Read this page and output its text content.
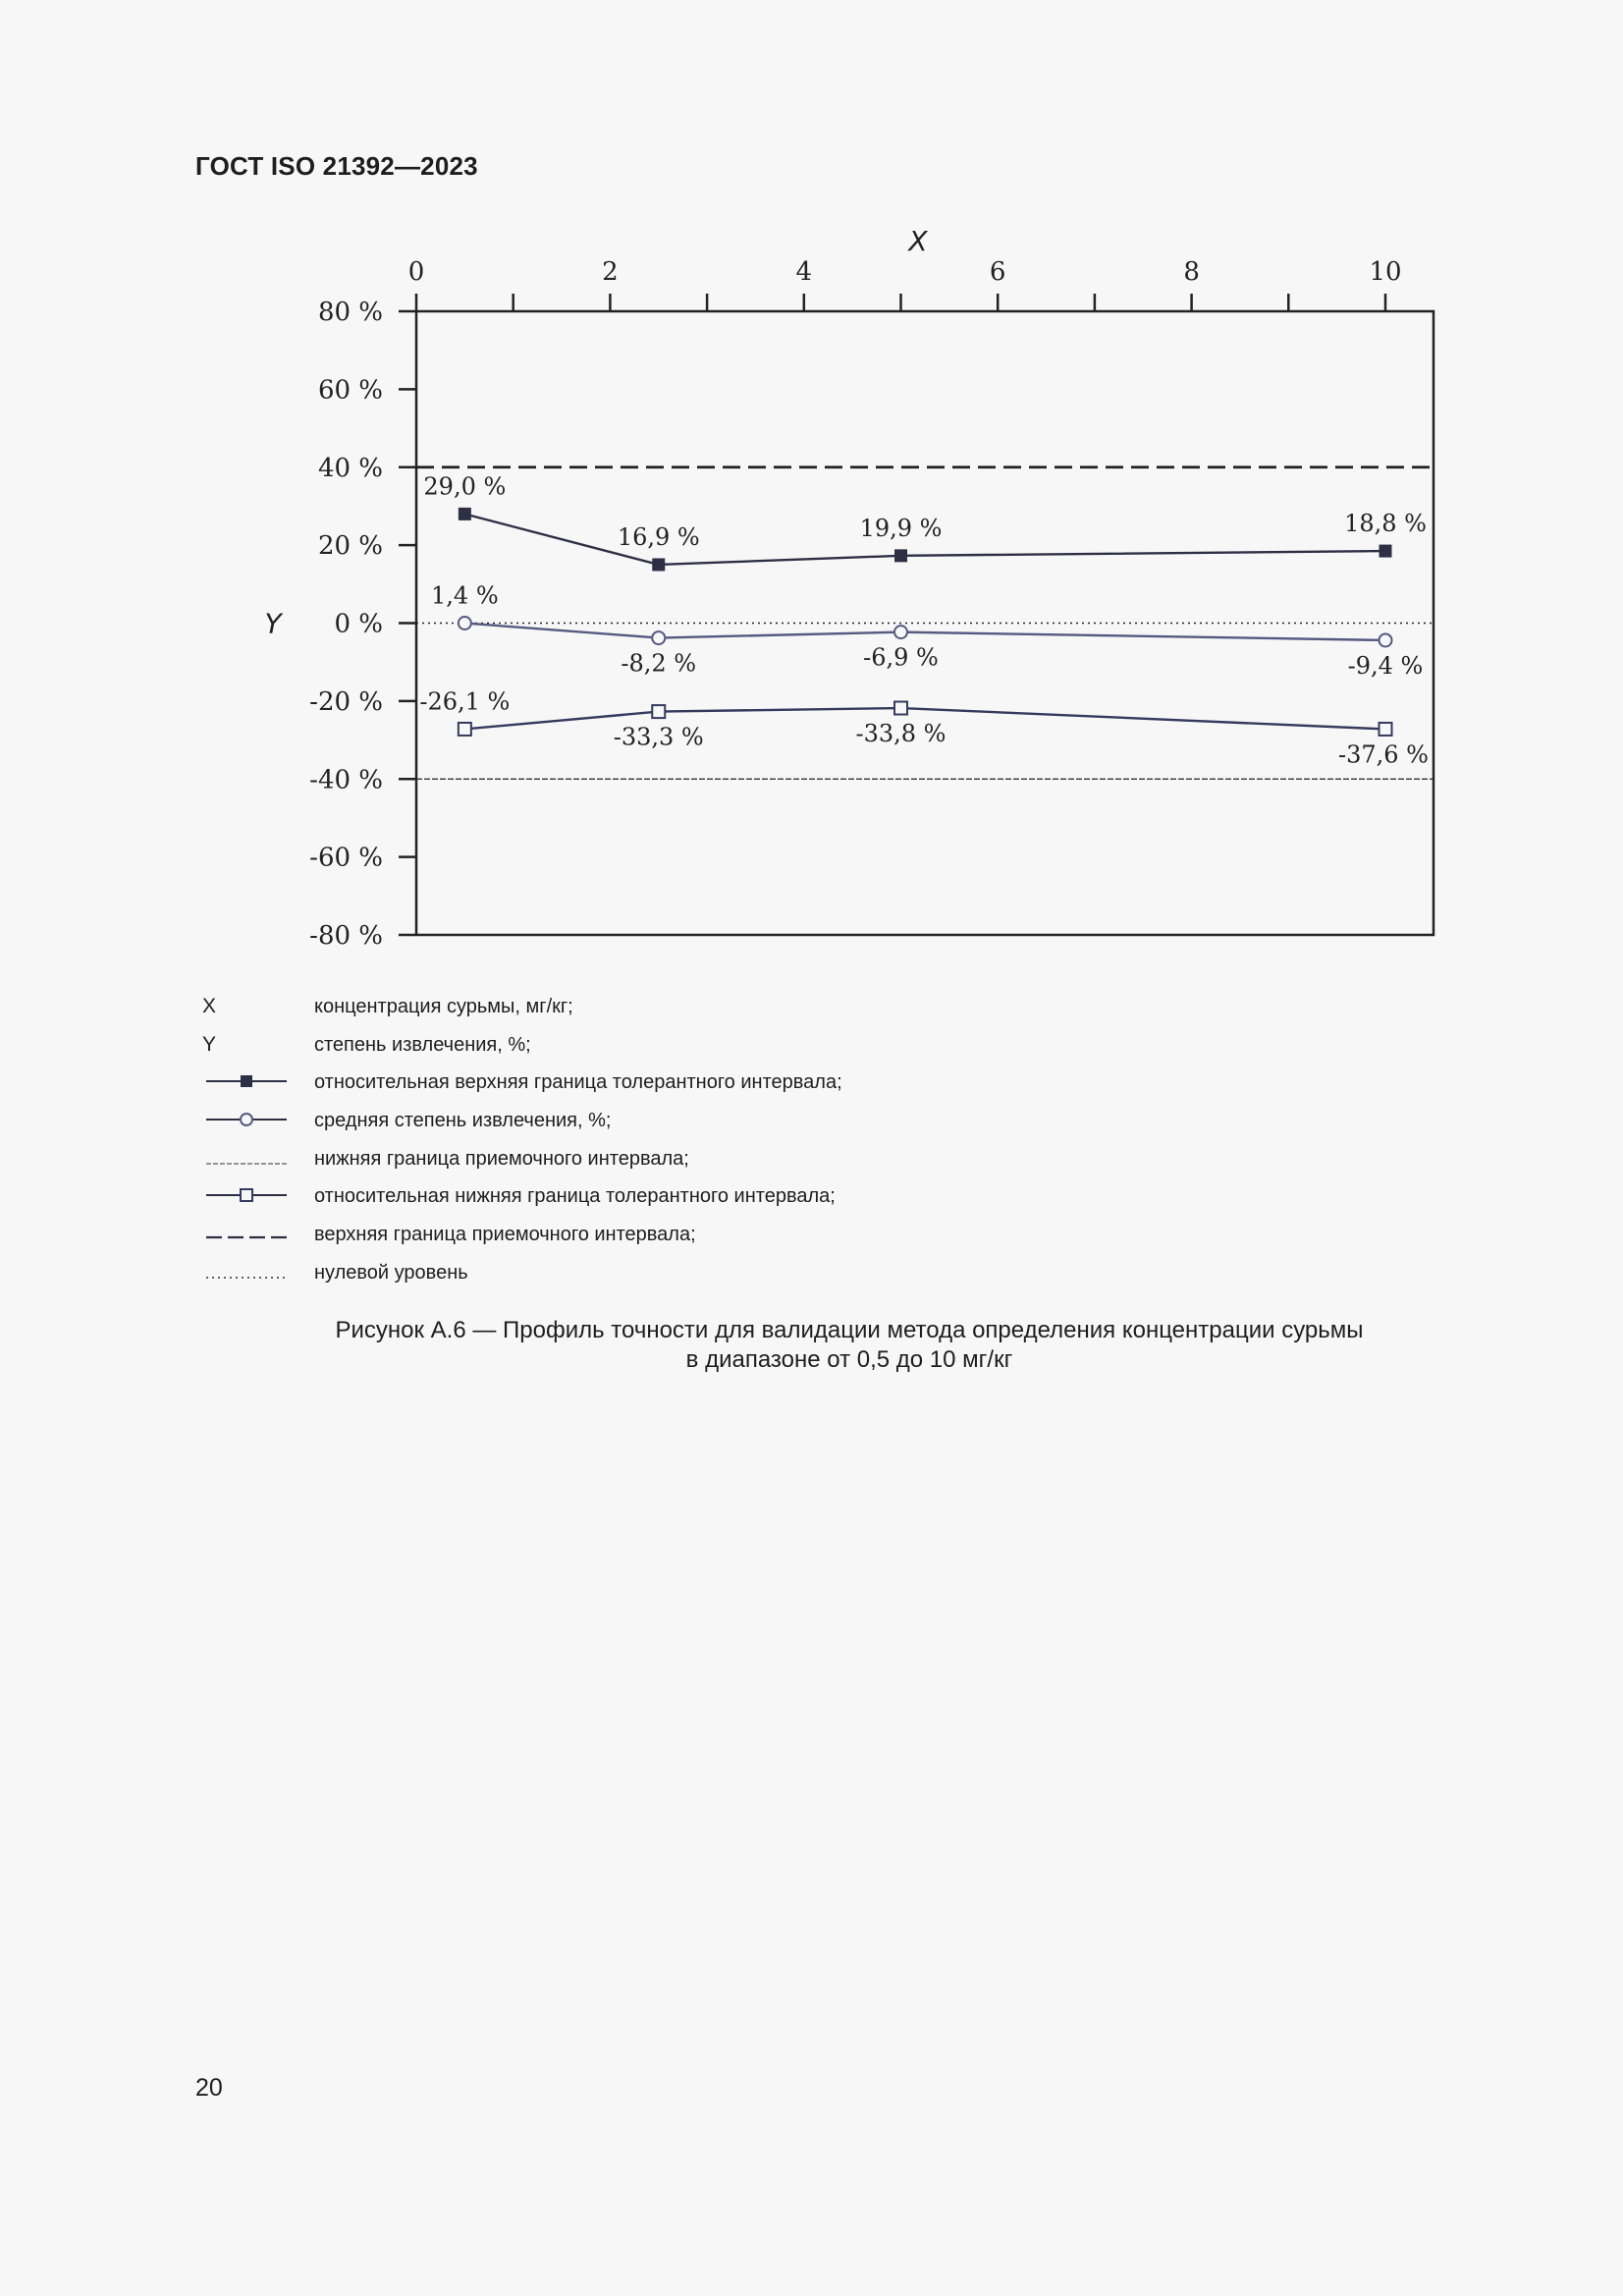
ГОСТ ISO 21392—2023
0	2	4	6	8	10
X
80 %
60 %
40 %
20 %
0 %
-20 %
-40 %
-60 %
-80 %
Y
29,0 %
16,9 %	19,9 %	18,8 %
1,4 %
-8,2 %	-6,9 %	-9,4 %
-26,1 %
-33,3 %	-33,8 %
-37,6 %
X	концентрация сурьмы, мг/кг;
Y	степень извлечения, %;
относительная верхняя граница толерантного интервала;
средняя степень извлечения, %;
нижняя граница приемочного интервала;
относительная нижняя граница толерантного интервала;
верхняя граница приемочного интервала;
нулевой уровень
Рисунок А.6 — Профиль точности для валидации метода определения концентрации сурьмы
в диапазоне от 0,5 до 10 мг/кг
20
